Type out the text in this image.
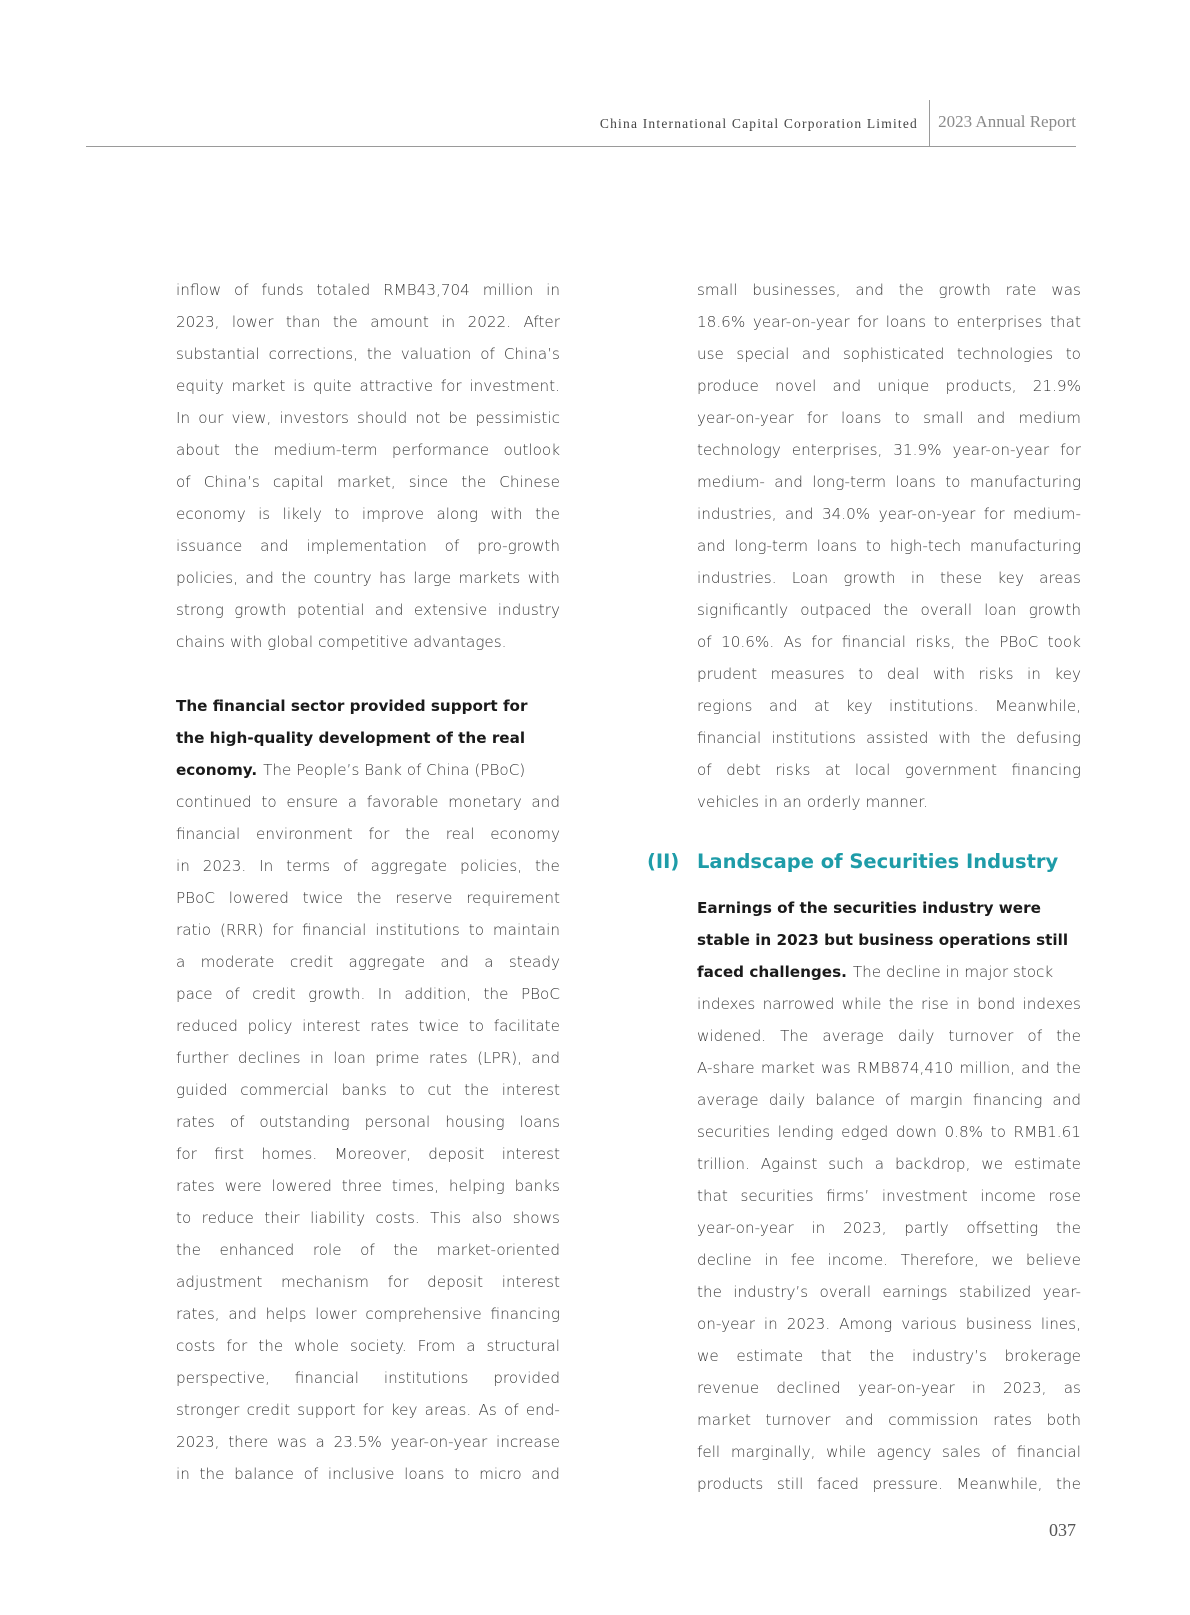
China International Capital Corporation Limited 2023 Annual Report
inflow of funds totaled RMB43,704 million in
2023, lower than the amount in 2022. After
substantial corrections, the valuation of China’s
equity market is quite attractive for investment.
In our view, investors should not be pessimistic
about the medium-term performance outlook
of China’s capital market, since the Chinese
economy is likely to improve along with the
issuance and implementation of pro-growth
policies, and the country has large markets with
strong growth potential and extensive industry
chains with global competitive advantages.
The financial sector provided support for
the high-quality development of the real
economy. The People’s Bank of China (PBoC)
continued to ensure a favorable monetary and
financial environment for the real economy
in 2023. In terms of aggregate policies, the
PBoC lowered twice the reserve requirement
ratio (RRR) for financial institutions to maintain
a moderate credit aggregate and a steady
pace of credit growth. In addition, the PBoC
reduced policy interest rates twice to facilitate
further declines in loan prime rates (LPR), and
guided commercial banks to cut the interest
rates of outstanding personal housing loans
for first homes. Moreover, deposit interest
rates were lowered three times, helping banks
to reduce their liability costs. This also shows
the enhanced role of the market-oriented
adjustment mechanism for deposit interest
rates, and helps lower comprehensive financing
costs for the whole society. From a structural
perspective, financial institutions provided
stronger credit support for key areas. As of end-
2023, there was a 23.5% year-on-year increase
in the balance of inclusive loans to micro and
small businesses, and the growth rate was
18.6% year-on-year for loans to enterprises that
use special and sophisticated technologies to
produce novel and unique products, 21.9%
year-on-year for loans to small and medium
technology enterprises, 31.9% year-on-year for
medium- and long-term loans to manufacturing
industries, and 34.0% year-on-year for medium-
and long-term loans to high-tech manufacturing
industries. Loan growth in these key areas
significantly outpaced the overall loan growth
of 10.6%. As for financial risks, the PBoC took
prudent measures to deal with risks in key
regions and at key institutions. Meanwhile,
financial institutions assisted with the defusing
of debt risks at local government financing
vehicles in an orderly manner.
(II) Landscape of Securities Industry
Earnings of the securities industry were
stable in 2023 but business operations still
faced challenges. The decline in major stock
indexes narrowed while the rise in bond indexes
widened. The average daily turnover of the
A-share market was RMB874,410 million, and the
average daily balance of margin financing and
securities lending edged down 0.8% to RMB1.61
trillion. Against such a backdrop, we estimate
that securities firms’ investment income rose
year-on-year in 2023, partly offsetting the
decline in fee income. Therefore, we believe
the industry’s overall earnings stabilized year-
on-year in 2023. Among various business lines,
we estimate that the industry’s brokerage
revenue declined year-on-year in 2023, as
market turnover and commission rates both
fell marginally, while agency sales of financial
products still faced pressure. Meanwhile, the
037
